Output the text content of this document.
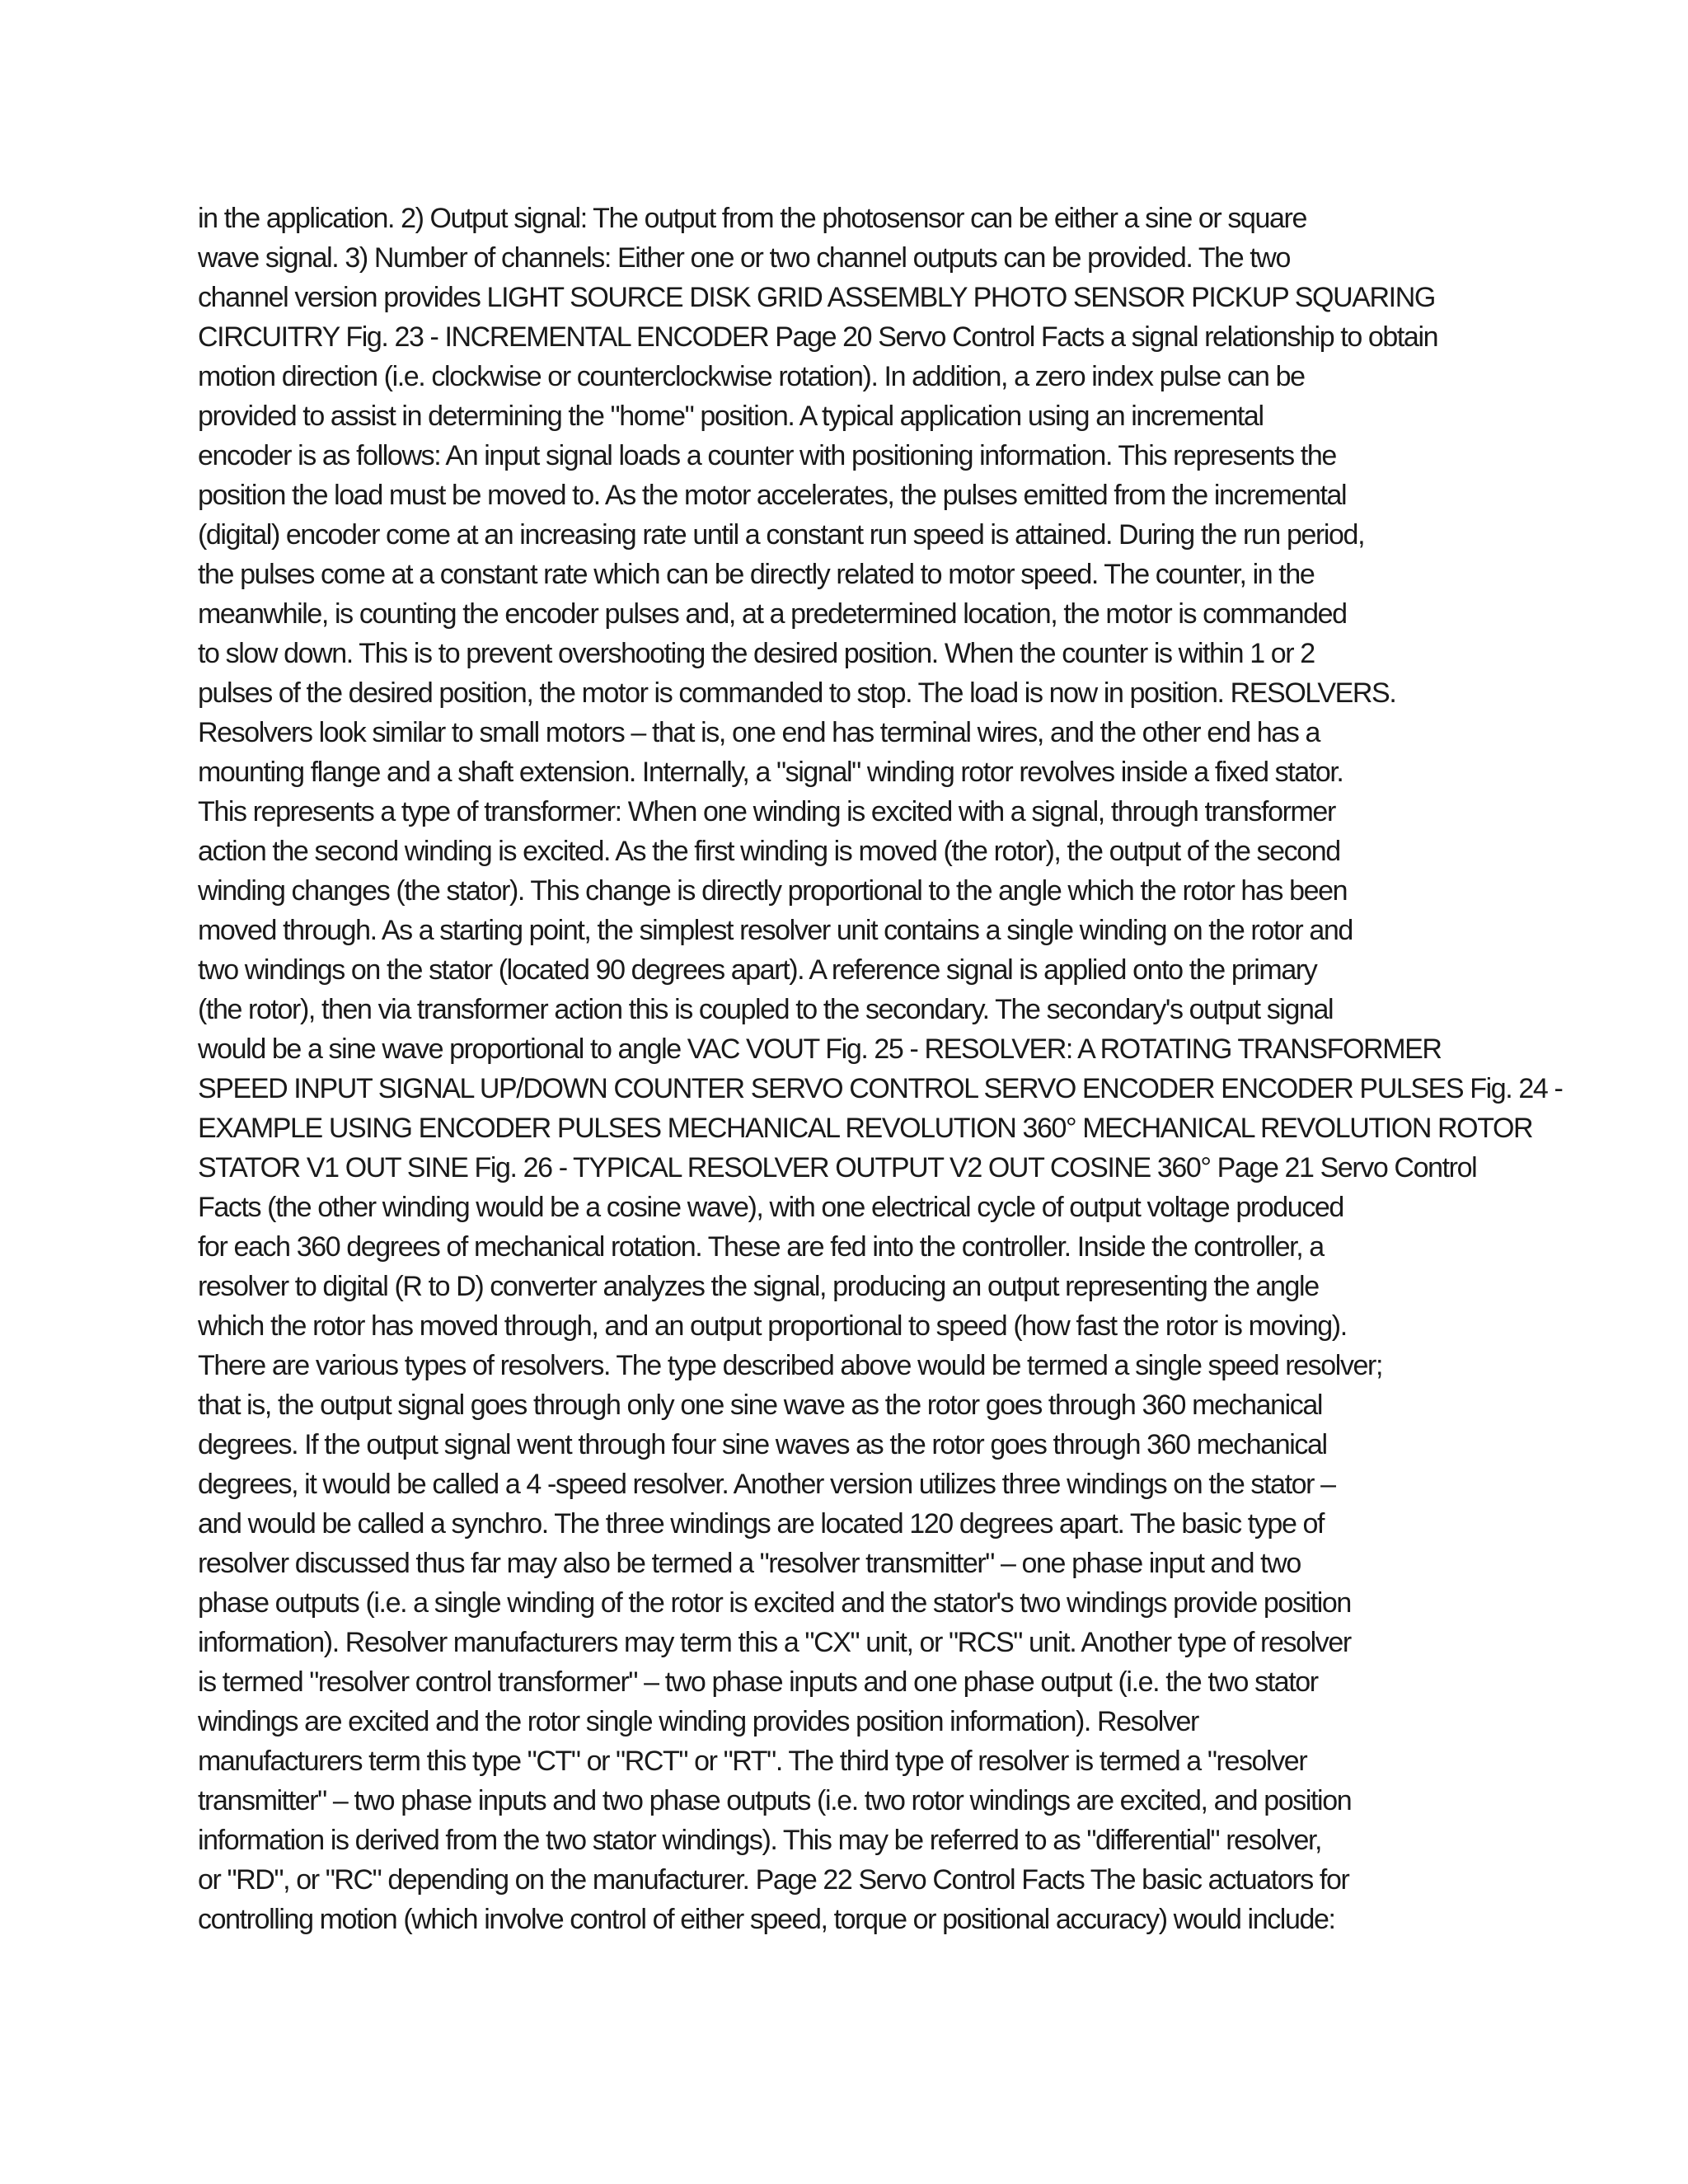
in the application. 2) Output signal: The output from the photosensor can be either a sine or square
wave signal. 3) Number of channels: Either one or two channel outputs can be provided. The two
channel version provides LIGHT SOURCE DISK GRID ASSEMBLY PHOTO SENSOR PICKUP SQUARING
CIRCUITRY Fig. 23 - INCREMENTAL ENCODER Page 20 Servo Control Facts a signal relationship to obtain
motion direction (i.e. clockwise or counterclockwise rotation). In addition, a zero index pulse can be
provided to assist in determining the "home" position. A typical application using an incremental
encoder is as follows: An input signal loads a counter with positioning information. This represents the
position the load must be moved to. As the motor accelerates, the pulses emitted from the incremental
(digital) encoder come at an increasing rate until a constant run speed is attained. During the run period,
the pulses come at a constant rate which can be directly related to motor speed. The counter, in the
meanwhile, is counting the encoder pulses and, at a predetermined location, the motor is commanded
to slow down. This is to prevent overshooting the desired position. When the counter is within 1 or 2
pulses of the desired position, the motor is commanded to stop. The load is now in position. RESOLVERS.
Resolvers look similar to small motors – that is, one end has terminal wires, and the other end has a
mounting flange and a shaft extension. Internally, a "signal" winding rotor revolves inside a fixed stator.
This represents a type of transformer: When one winding is excited with a signal, through transformer
action the second winding is excited. As the first winding is moved (the rotor), the output of the second
winding changes (the stator). This change is directly proportional to the angle which the rotor has been
moved through. As a starting point, the simplest resolver unit contains a single winding on the rotor and
two windings on the stator (located 90 degrees apart). A reference signal is applied onto the primary
(the rotor), then via transformer action this is coupled to the secondary. The secondary's output signal
would be a sine wave proportional to angle VAC VOUT Fig. 25 - RESOLVER: A ROTATING TRANSFORMER
SPEED INPUT SIGNAL UP/DOWN COUNTER SERVO CONTROL SERVO ENCODER ENCODER PULSES Fig. 24 -
EXAMPLE USING ENCODER PULSES MECHANICAL REVOLUTION 360° MECHANICAL REVOLUTION ROTOR
STATOR V1 OUT SINE Fig. 26 - TYPICAL RESOLVER OUTPUT V2 OUT COSINE 360° Page 21 Servo Control
Facts (the other winding would be a cosine wave), with one electrical cycle of output voltage produced
for each 360 degrees of mechanical rotation. These are fed into the controller. Inside the controller, a
resolver to digital (R to D) converter analyzes the signal, producing an output representing the angle
which the rotor has moved through, and an output proportional to speed (how fast the rotor is moving).
There are various types of resolvers. The type described above would be termed a single speed resolver;
that is, the output signal goes through only one sine wave as the rotor goes through 360 mechanical
degrees. If the output signal went through four sine waves as the rotor goes through 360 mechanical
degrees, it would be called a 4 -speed resolver. Another version utilizes three windings on the stator –
and would be called a synchro. The three windings are located 120 degrees apart. The basic type of
resolver discussed thus far may also be termed a "resolver transmitter" – one phase input and two
phase outputs (i.e. a single winding of the rotor is excited and the stator's two windings provide position
information). Resolver manufacturers may term this a "CX" unit, or "RCS" unit. Another type of resolver
is termed "resolver control transformer" – two phase inputs and one phase output (i.e. the two stator
windings are excited and the rotor single winding provides position information). Resolver
manufacturers term this type "CT" or "RCT" or "RT". The third type of resolver is termed a "resolver
transmitter" – two phase inputs and two phase outputs (i.e. two rotor windings are excited, and position
information is derived from the two stator windings). This may be referred to as "differential" resolver,
or "RD", or "RC" depending on the manufacturer. Page 22 Servo Control Facts The basic actuators for
controlling motion (which involve control of either speed, torque or positional accuracy) would include:
